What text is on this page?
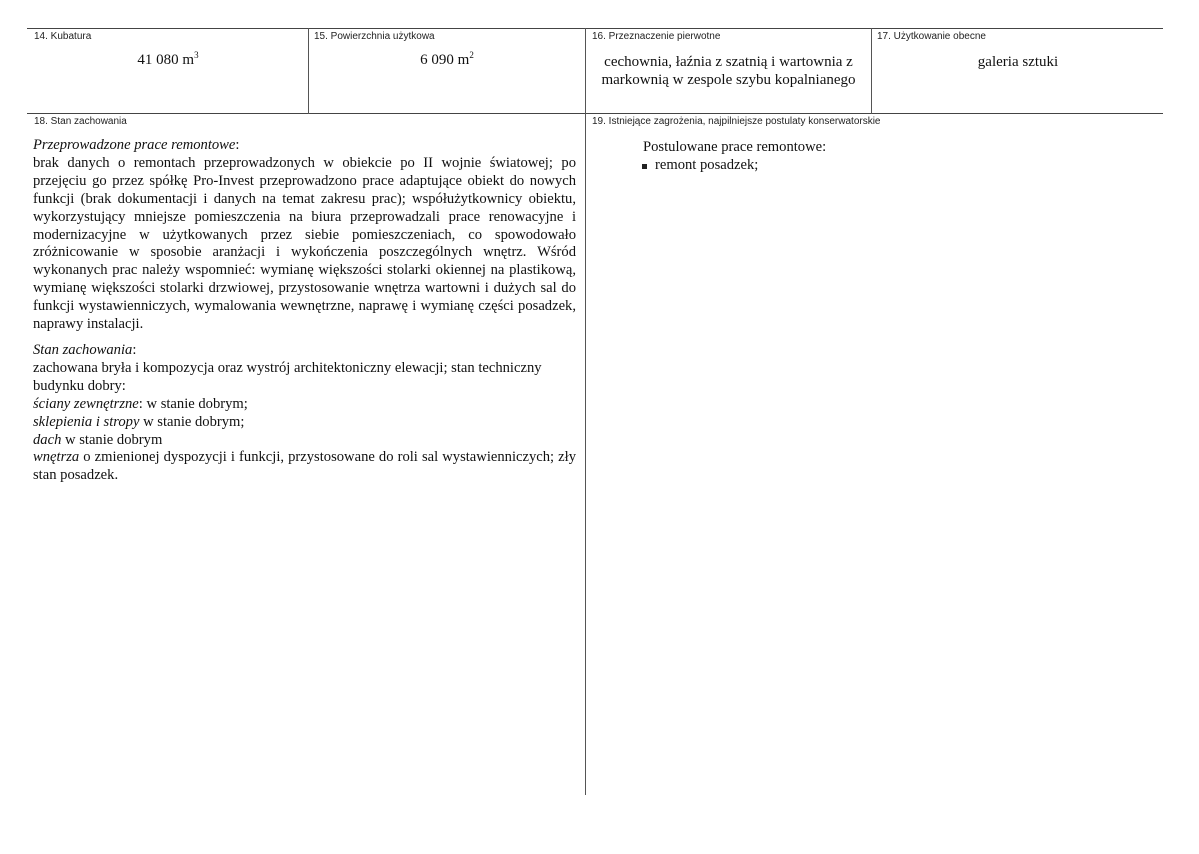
14. Kubatura
41 080 $m^3$
15. Powierzchnia użytkowa
6 090 $m^2$
16. Przeznaczenie pierwotne
cechownia, łaźnia z szatnią i wartownia z
markownią w zespole szybu kopalnianego
17. Użytkowanie obecne
galeria sztuki
18. Stan zachowania

Przeprowadzone prace remontowe:

brak danych o remontach przeprowadzonych w obiekcie po II wojnie światowej; po przejęciu go przez spółkę Pro-Invest przeprowadzono prace adaptujące obiekt do nowych funkcji (brak dokumentacji i danych na temat zakresu prac); współużytkownicy obiektu, wykorzystujący mniejsze pomieszczenia na biura przeprowadzali prace renowacyjne i modernizacyjne w użytkowanych przez siebie pomieszczeniach, co spowodowało zróżnicowanie w sposobie aranżacji i wykończenia poszczególnych wnętrz. Wśród wykonanych prac należy wspomnieć: wymianę większości stolarki okiennej na plastikową, wymianę większości stolarki drzwiowej, przystosowanie wnętrza wartowni i dużych sal do funkcji wystawienniczych, wymalowania wewnętrzne, naprawę i wymianę części posadzek, naprawy instalacji.

Stan zachowania:

zachowana bryła i kompozycja oraz wystrój architektoniczny elewacji; stan techniczny budynku dobry:

ściany zewnętrzne: w stanie dobrym;

sklepienia i stropy w stanie dobrym;

dach w stanie dobrym

wnętrza o zmienionej dyspozycji i funkcji, przystosowane do roli sal wystawienniczych; zły stan posadzek.

19. Istniejące zagrożenia, najpilniejsze postulaty konserwatorskie

Postulowane prace remontowe:

remont posadzek;
